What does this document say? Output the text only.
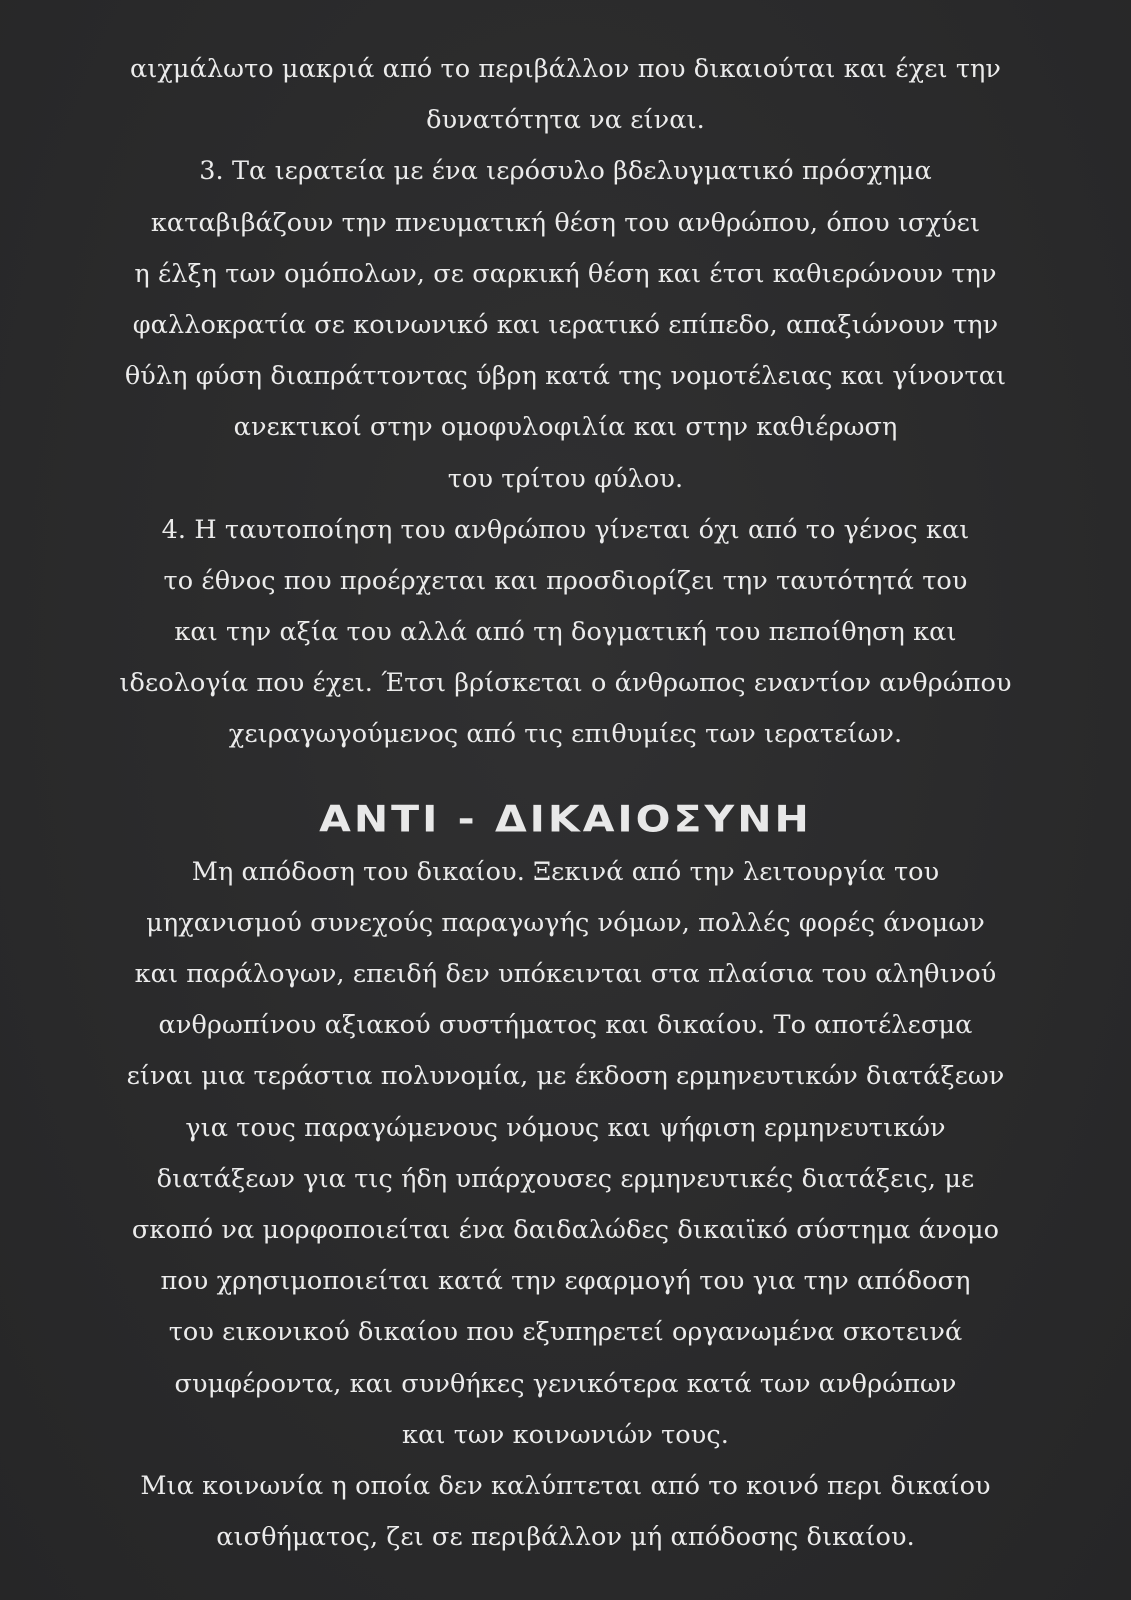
αιχμάλωτο μακριά από το περιβάλλον που δικαιούται και έχει την
δυνατότητα να είναι.
3. Τα ιερατεία με ένα ιερόσυλο βδελυγματικό πρόσχημα
καταβιβάζουν την πνευματική θέση του ανθρώπου, όπου ισχύει
η έλξη των ομόπολων, σε σαρκική θέση και έτσι καθιερώνουν την
φαλλοκρατία σε κοινωνικό και ιερατικό επίπεδο, απαξιώνουν την
θύλη φύση διαπράττοντας ύβρη κατά της νομοτέλειας και γίνονται
ανεκτικοί στην ομοφυλοφιλία και στην καθιέρωση
του τρίτου φύλου.
4. Η ταυτοποίηση του ανθρώπου γίνεται όχι από το γένος και
το έθνος που προέρχεται και προσδιορίζει την ταυτότητά του
και την αξία του αλλά από τη δογματική του πεποίθηση και
ιδεολογία που έχει. Έτσι βρίσκεται ο άνθρωπος εναντίον ανθρώπου
χειραγωγούμενος από τις επιθυμίες των ιερατείων.
ΑΝΤΙ - ΔΙΚΑΙΟΣΥΝΗ
Μη απόδοση του δικαίου. Ξεκινά από την λειτουργία του
μηχανισμού συνεχούς παραγωγής νόμων, πολλές φορές άνομων
και παράλογων, επειδή δεν υπόκεινται στα πλαίσια του αληθινού
ανθρωπίνου αξιακού συστήματος και δικαίου. Το αποτέλεσμα
είναι μια τεράστια πολυνομία, με έκδοση ερμηνευτικών διατάξεων
για τους παραγώμενους νόμους και ψήφιση ερμηνευτικών
διατάξεων για τις ήδη υπάρχουσες ερμηνευτικές διατάξεις, με
σκοπό να μορφοποιείται ένα δαιδαλώδες δικαιϊκό σύστημα άνομο
που χρησιμοποιείται κατά την εφαρμογή του για την απόδοση
του εικονικού δικαίου που εξυπηρετεί οργανωμένα σκοτεινά
συμφέροντα, και συνθήκες γενικότερα κατά των ανθρώπων
και των κοινωνιών τους.
Μια κοινωνία η οποία δεν καλύπτεται από το κοινό περι δικαίου
αισθήματος, ζει σε περιβάλλον μή απόδοσης δικαίου.
